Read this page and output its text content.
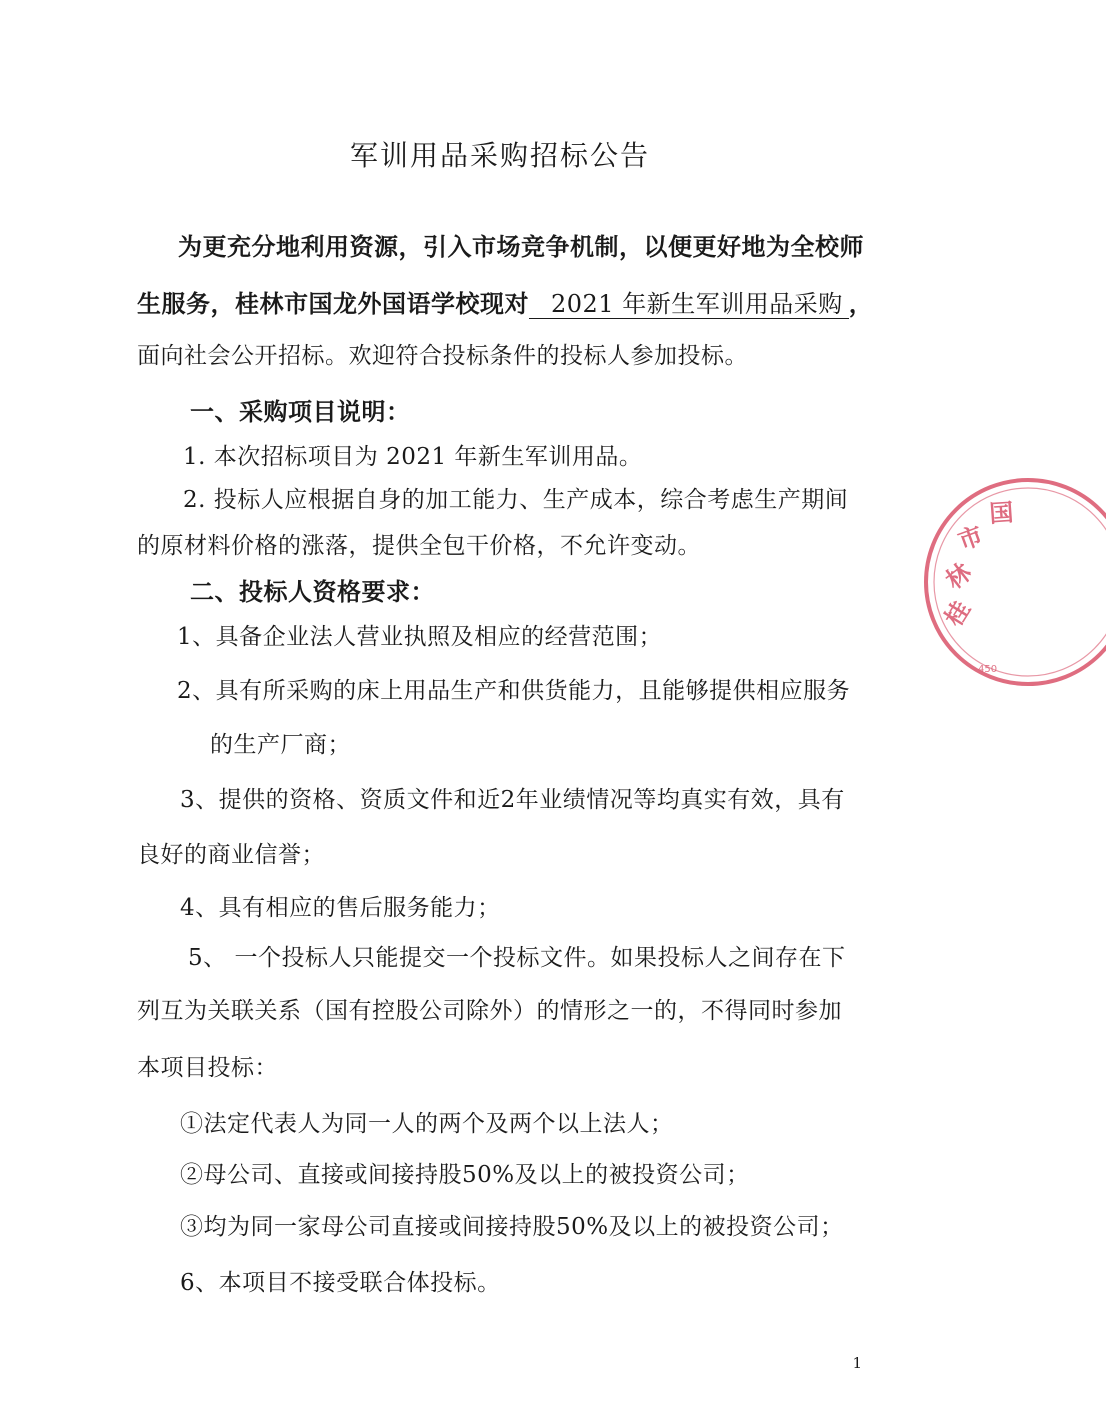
军训用品采购招标公告
为更充分地利用资源，引入市场竞争机制，以便更好地为全校师
生服务，桂林市国龙外国语学校现对 2021 年新生军训用品采购 ，
面向社会公开招标。欢迎符合投标条件的投标人参加投标。
一、采购项目说明：
1. 本次招标项目为 2021 年新生军训用品。
2. 投标人应根据自身的加工能力、生产成本，综合考虑生产期间
的原材料价格的涨落，提供全包干价格，不允许变动。
二、投标人资格要求：
1、具备企业法人营业执照及相应的经营范围；
2、具有所采购的床上用品生产和供货能力，且能够提供相应服务
的生产厂商；
3、提供的资格、资质文件和近2年业绩情况等均真实有效，具有
良好的商业信誉；
4、具有相应的售后服务能力；
5、 一个投标人只能提交一个投标文件。如果投标人之间存在下
列互为关联关系（国有控股公司除外）的情形之一的，不得同时参加
本项目投标：
①法定代表人为同一人的两个及两个以上法人；
②母公司、直接或间接持股50%及以上的被投资公司；
③均为同一家母公司直接或间接持股50%及以上的被投资公司；
6、本项目不接受联合体投标。
1
桂
林
市
国
450
